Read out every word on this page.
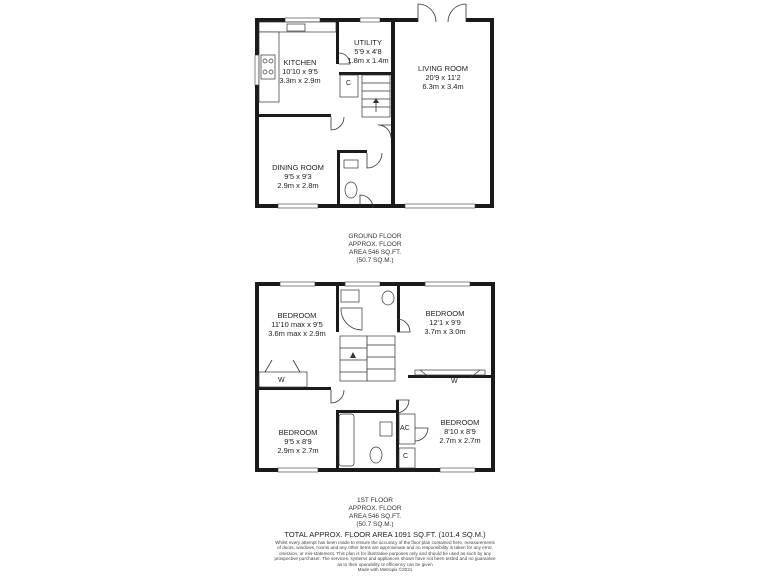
KITCHEN
10'10 x 9'5
3.3m x 2.9m
UTILITY
5'9 x 4'8
1.8m x 1.4m
LIVING ROOM
20'9 x 11'2
6.3m x 3.4m
DINING ROOM
9'5 x 9'3
2.9m x 2.8m
C
GROUND FLOOR
APPROX. FLOOR
AREA 546 SQ.FT.
(50.7 SQ.M.)
BEDROOM
11'10 max x 9'5
3.6m max x 2.9m
BEDROOM
12'1 x 9'9
3.7m x 3.0m
BEDROOM
9'5 x 8'9
2.9m x 2.7m
BEDROOM
8'10 x 8'9
2.7m x 2.7m
W	W
AC
C
1ST FLOOR
APPROX. FLOOR
AREA 546 SQ.FT.
(50.7 SQ.M.)
TOTAL APPROX. FLOOR AREA 1091 SQ.FT. (101.4 SQ.M.)
Whilst every attempt has been made to ensure the accuracy of the floor plan contained here, measurements
of doors, windows, rooms and any other items are approximate and no responsibility is taken for any error,
omission, or mis-statement. This plan is for illustrative purposes only and should be used as such by any
prospective purchaser. The services, systems and appliances shown have not been tested and no guarantee
as to their operability or efficiency can be given
Made with Metropix ©2021
